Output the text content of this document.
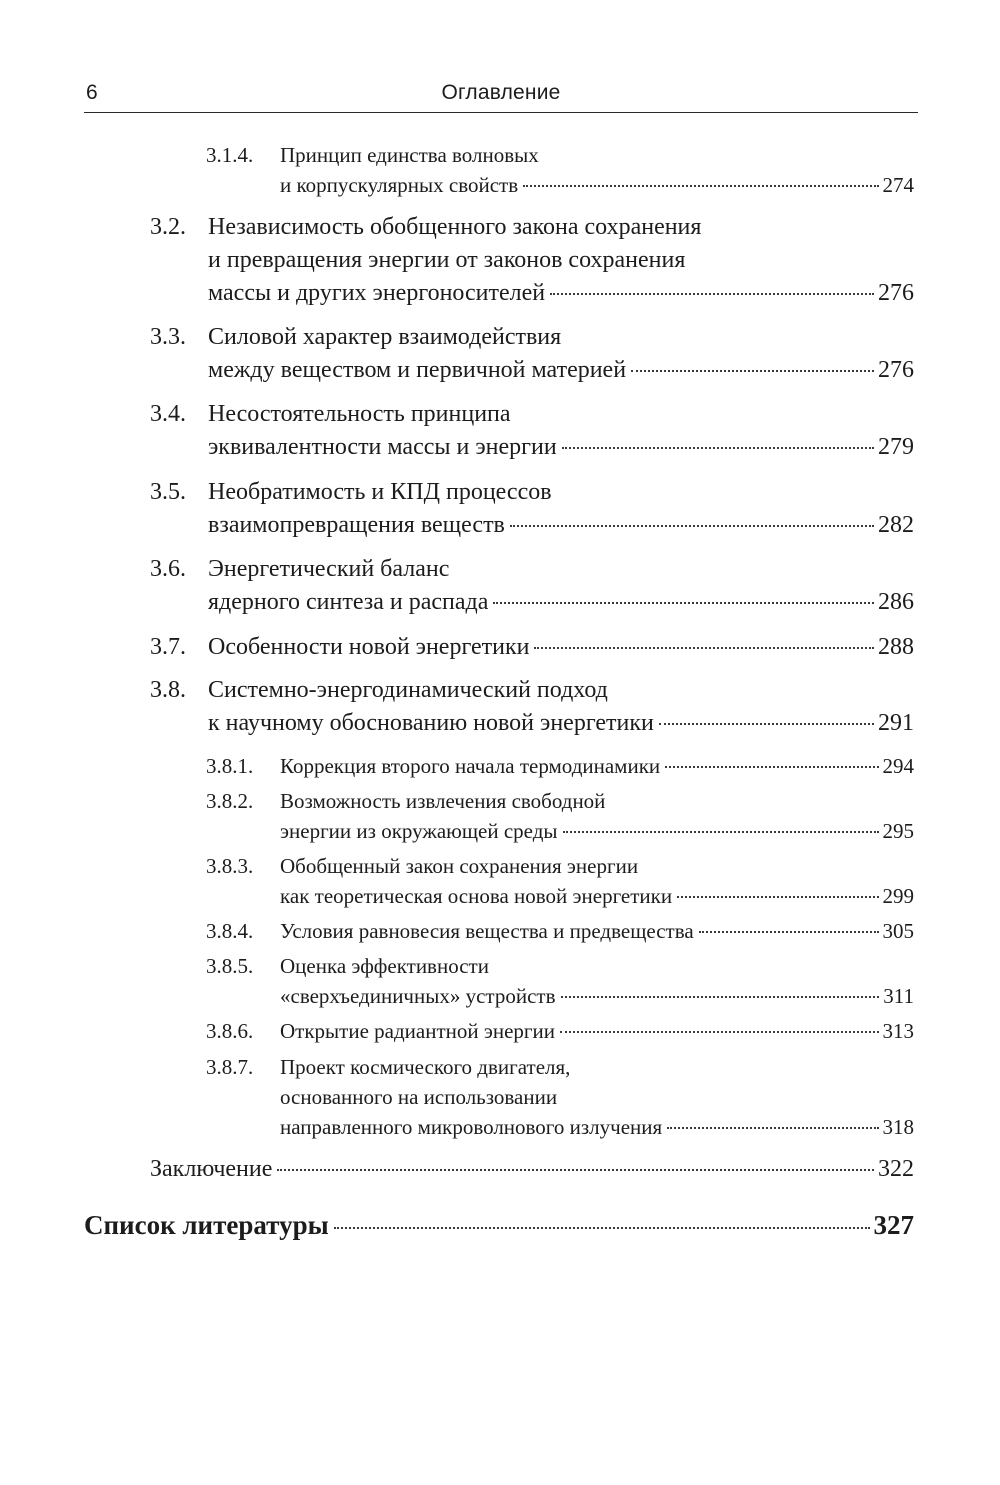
6	Оглавление
3.1.4. Принцип единства волновых
и корпускулярных свойств	274
3.2. Независимость обобщенного закона сохранения
и превращения энергии от законов сохранения
массы и других энергоносителей	276
3.3. Силовой характер взаимодействия
между веществом и первичной материей	276
3.4. Несостоятельность принципа
эквивалентности массы и энергии	279
3.5. Необратимость и КПД процессов
взаимопревращения веществ	282
3.6. Энергетический баланс
ядерного синтеза и распада	286
3.7. Особенности новой энергетики	288
3.8. Системно-энергодинамический подход
к научному обоснованию новой энергетики	291
3.8.1. Коррекция второго начала термодинамики	294
3.8.2. Возможность извлечения свободной
энергии из окружающей среды	295
3.8.3. Обобщенный закон сохранения энергии
как теоретическая основа новой энергетики	299
3.8.4. Условия равновесия вещества и предвещества	305
3.8.5. Оценка эффективности
«сверхъединичных» устройств	311
3.8.6. Открытие радиантной энергии	313
3.8.7. Проект космического двигателя,
основанного на использовании
направленного микроволнового излучения	318
Заключение	322
Список литературы	327
